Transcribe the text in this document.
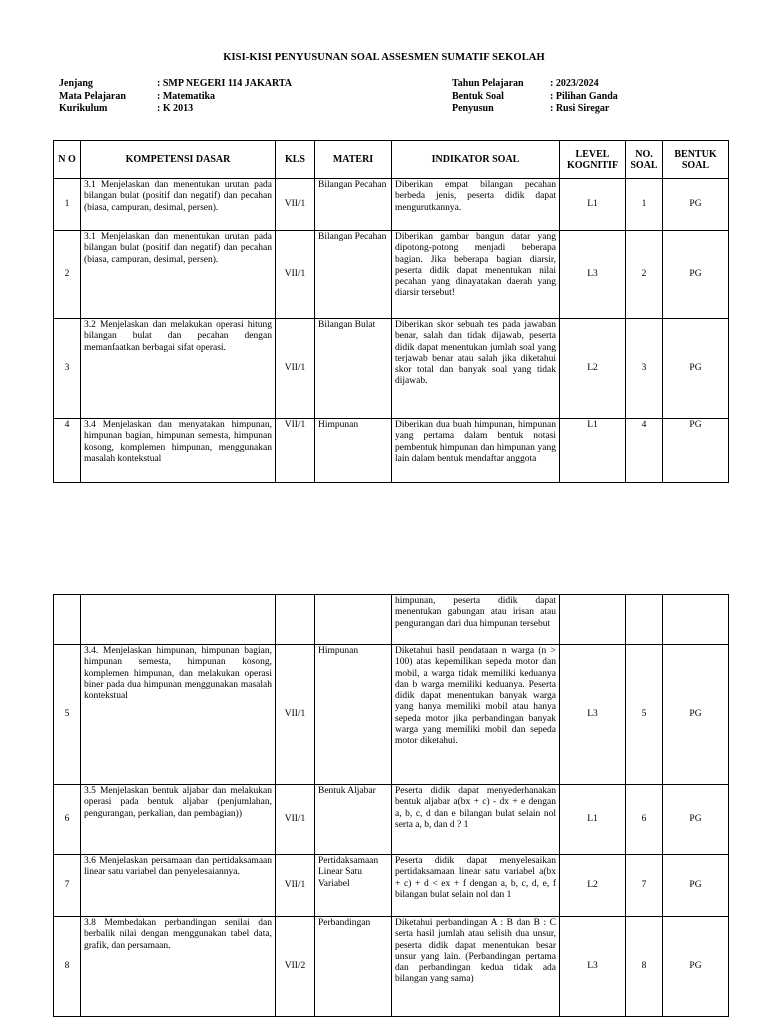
KISI-KISI PENYUSUNAN SOAL ASSESMEN SUMATIF SEKOLAH
Jenjang	: SMP NEGERI 114 JAKARTA
Mata Pelajaran	: Matematika
Kurikulum	: K 2013
Tahun Pelajaran	: 2023/2024
Bentuk Soal	: Pilihan Ganda
Penyusun	: Rusi Siregar
N O	KOMPETENSI DASAR	KLS	MATERI	INDIKATOR SOAL	LEVEL KOGNITIF	NO. SOAL	BENTUK SOAL
1	3.1 Menjelaskan dan menentukan urutan pada bilangan bulat (positif dan negatif) dan pecahan (biasa, campuran, desimal, persen).	VII/1	Bilangan Pecahan	Diberikan empat bilangan pecahan berbeda jenis, peserta didik dapat mengurutkannya.	L1	1	PG
2	3.1 Menjelaskan dan menentukan urutan pada bilangan bulat (positif dan negatif) dan pecahan (biasa, campuran, desimal, persen).	VII/1	Bilangan Pecahan	Diberikan gambar bangun datar yang dipotong-potong menjadi beberapa bagian. Jika beberapa bagian diarsir, peserta didik dapat menentukan nilai pecahan yang dinayatakan daerah yang diarsir tersebut!	L3	2	PG
3	3.2 Menjelaskan dan melakukan operasi hitung bilangan bulat dan pecahan dengan memanfaatkan berbagai sifat operasi.	VII/1	Bilangan Bulat	Diberikan skor sebuah tes pada jawaban benar, salah dan tidak dijawab, peserta didik dapat menentukan jumlah soal yang terjawab benar atau salah jika diketahui skor total dan banyak soal yang tidak dijawab.	L2	3	PG
4	3.4 Menjelaskan dan menyatakan himpunan, himpunan bagian, himpunan semesta, himpunan kosong, komplemen himpunan, menggunakan masalah kontekstual	VII/1	Himpunan	Diberikan dua buah himpunan, himpunan yang pertama dalam bentuk notasi pembentuk himpunan dan himpunan yang lain dalam bentuk mendaftar anggota	L1	4	PG
				himpunan, peserta didik dapat menentukan gabungan atau irisan atau pengurangan dari dua himpunan tersebut			
5	3.4. Menjelaskan himpunan, himpunan bagian, himpunan semesta, himpunan kosong, komplemen himpunan, dan melakukan operasi biner pada dua himpunan menggunakan masalah kontekstual	VII/1	Himpunan	Diketahui hasil pendataan n warga (n > 100) atas kepemilikan sepeda motor dan mobil, a warga tidak memiliki keduanya dan b warga memiliki keduanya. Peserta didik dapat menentukan banyak warga yang hanya memiliki mobil atau hanya sepeda motor jika perbandingan banyak warga yang memiliki mobil dan sepeda motor diketahui.	L3	5	PG
6	3.5 Menjelaskan bentuk aljabar dan melakukan operasi pada bentuk aljabar (penjumlahan, pengurangan, perkalian, dan pembagian))	VII/1	Bentuk Aljabar	Peserta didik dapat menyederhanakan bentuk aljabar a(bx + c) - dx + e dengan a, b, c, d dan e bilangan bulat selain nol serta a, b, dan d ? 1	L1	6	PG
7	3.6 Menjelaskan persamaan dan pertidaksamaan linear satu variabel dan penyelesaiannya.	VII/1	Pertidaksamaan Linear Satu Variabel	Peserta didik dapat menyelesaikan pertidaksamaan linear satu variabel a(bx + c) + d < ex + f dengan a, b, c, d, e, f bilangan bulat selain nol dan 1	L2	7	PG
8	3.8 Membedakan perbandingan senilai dan berbalik nilai dengan menggunakan tabel data, grafik, dan persamaan.	VII/2	Perbandingan	Diketahui perbandingan A : B dan B : C serta hasil jumlah atau selisih dua unsur, peserta didik dapat menentukan besar unsur yang lain. (Perbandingan pertama dan perbandingan kedua tidak ada bilangan yang sama)	L3	8	PG
